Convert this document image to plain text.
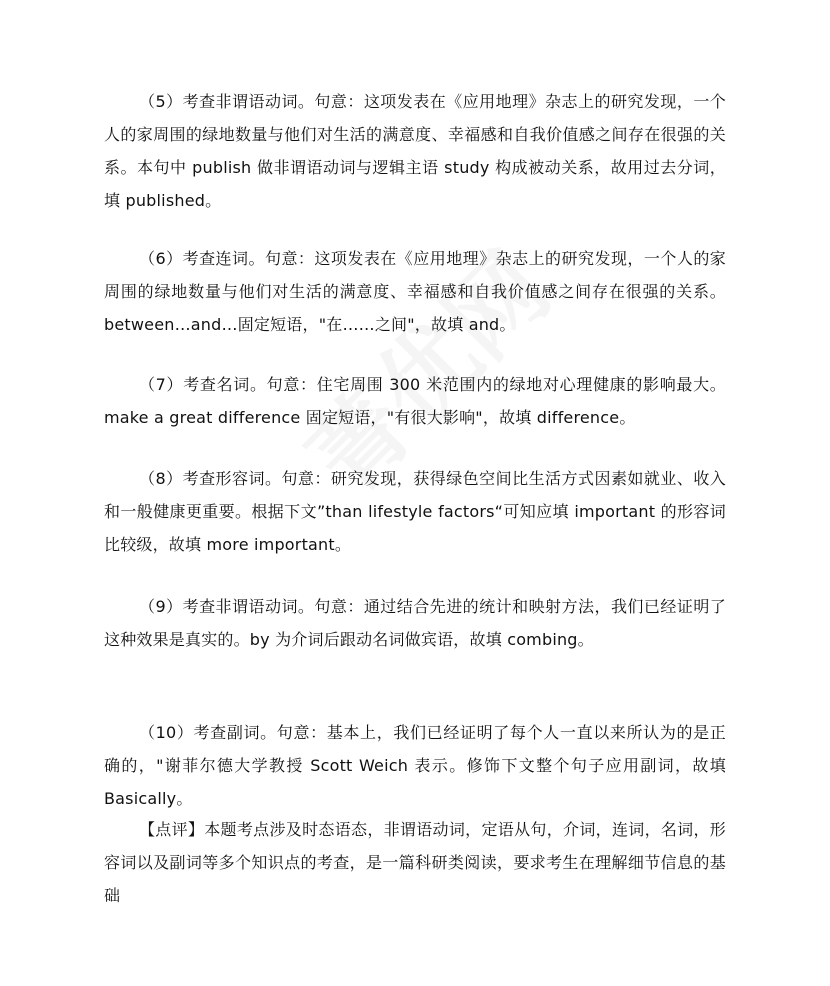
（5）考查非谓语动词。句意：这项发表在《应用地理》杂志上的研究发现，一个人的家周围的绿地数量与他们对生活的满意度、幸福感和自我价值感之间存在很强的关系。本句中 publish 做非谓语动词与逻辑主语 study 构成被动关系，故用过去分词，填 published。

（6）考查连词。句意：这项发表在《应用地理》杂志上的研究发现，一个人的家周围的绿地数量与他们对生活的满意度、幸福感和自我价值感之间存在很强的关系。between…and…固定短语，"在……之间"，故填 and。

（7）考查名词。句意：住宅周围 300 米范围内的绿地对心理健康的影响最大。make a great difference 固定短语，"有很大影响"，故填 difference。

（8）考查形容词。句意：研究发现，获得绿色空间比生活方式因素如就业、收入和一般健康更重要。根据下文”than lifestyle factors“可知应填 important 的形容词比较级，故填 more important。

（9）考查非谓语动词。句意：通过结合先进的统计和映射方法，我们已经证明了这种效果是真实的。by 为介词后跟动名词做宾语，故填 combing。

（10）考查副词。句意：基本上，我们已经证明了每个人一直以来所认为的是正确的，"谢菲尔德大学教授 Scott Weich 表示。修饰下文整个句子应用副词，故填 Basically。

【点评】本题考点涉及时态语态，非谓语动词，定语从句，介词，连词，名词，形容词以及副词等多个知识点的考查，是一篇科研类阅读，要求考生在理解细节信息的基础
